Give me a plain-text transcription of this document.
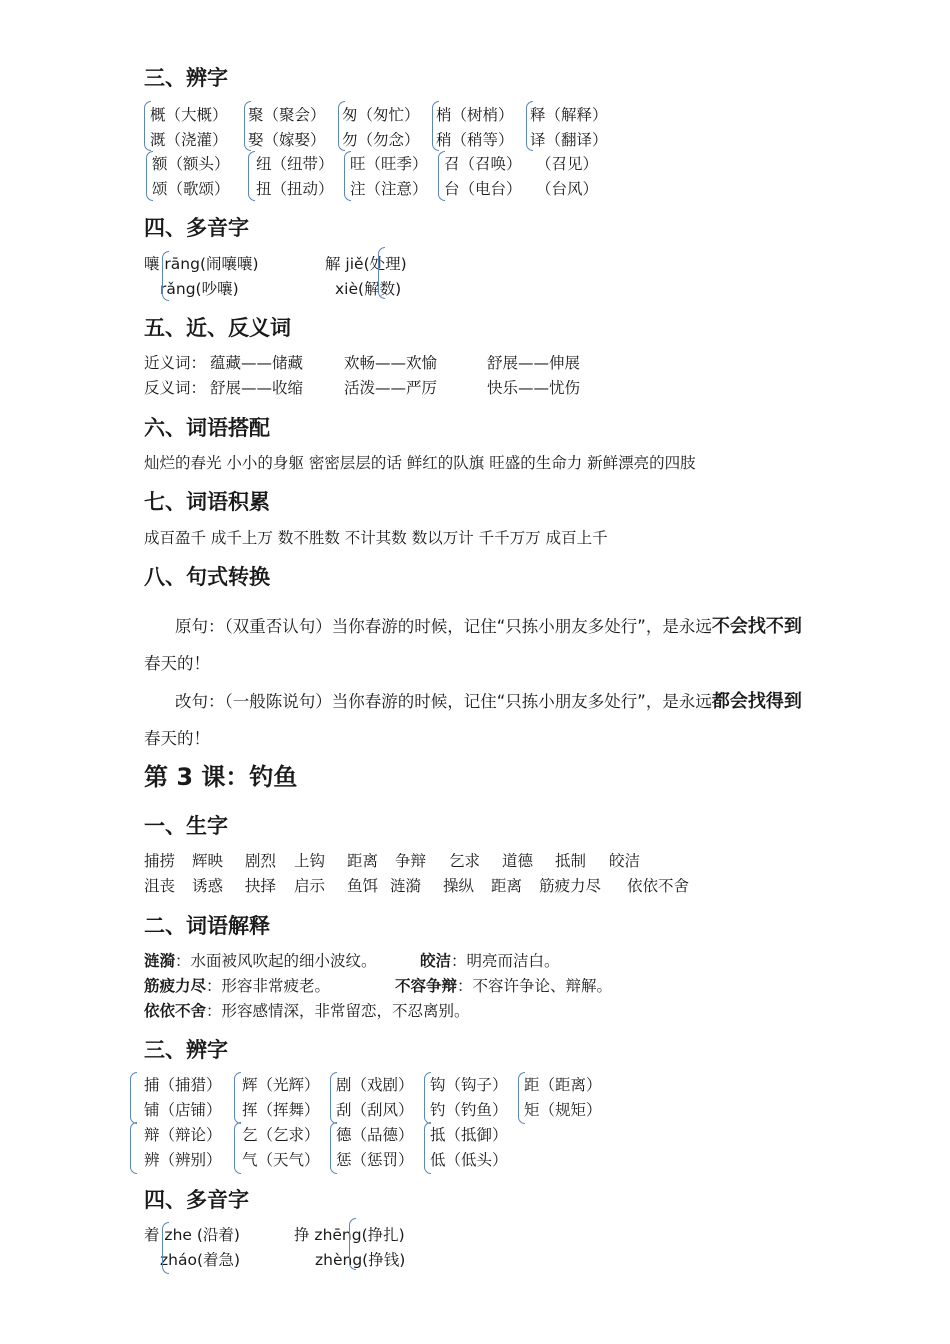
三、辨字
概（大概） 聚（聚会） 匆（匆忙） 梢（树梢） 释（解释）
溉（浇灌） 娶（嫁娶） 勿（勿念） 稍（稍等） 译（翻译）
额（额头） 纽（纽带） 旺（旺季） 召（召唤） （召见）
颂（歌颂） 扭（扭动） 注（注意） 台（电台） （台风）
四、多音字
嚷 rāng(闹嚷嚷)	解 jiě(处理)
rǎng(吵嚷)	xiè(解数)
五、近、反义词
近义词： 蕴藏——储藏	欢畅——欢愉	舒展——伸展
反义词： 舒展——收缩	活泼——严厉	快乐——忧伤
六、词语搭配
灿烂的春光 小小的身躯 密密层层的话 鲜红的队旗 旺盛的生命力 新鲜漂亮的四肢
七、词语积累
成百盈千 成千上万 数不胜数 不计其数 数以万计 千千万万 成百上千
八、句式转换
原句：（双重否认句）当你春游的时候，记住“只拣小朋友多处行”，是永远不会找不到
春天的！
改句：（一般陈说句）当你春游的时候，记住“只拣小朋友多处行”，是永远都会找得到
春天的！
第 3 课：钓鱼
一、生字
捕捞 辉映 剧烈 上钩 距离 争辩 乞求 道德 抵制 皎洁
沮丧 诱惑 抉择 启示 鱼饵 涟漪 操纵 距离 筋疲力尽 依依不舍
二、词语解释
涟漪：水面被风吹起的细小波纹。	皎洁：明亮而洁白。
筋疲力尽：形容非常疲老。	不容争辩：不容许争论、辩解。
依依不舍：形容感情深，非常留恋，不忍离别。
三、辨字
捕（捕猎） 辉（光辉） 剧（戏剧） 钩（钩子） 距（距离）
铺（店铺） 挥（挥舞） 刮（刮风） 钓（钓鱼） 矩（规矩）
辩（辩论） 乞（乞求） 德（品德） 抵（抵御）
辨（辨别） 气（天气） 惩（惩罚） 低（低头）
四、多音字
着 zhe (沿着)	挣 zhēng(挣扎)
zháo(着急)	zhèng(挣钱)
